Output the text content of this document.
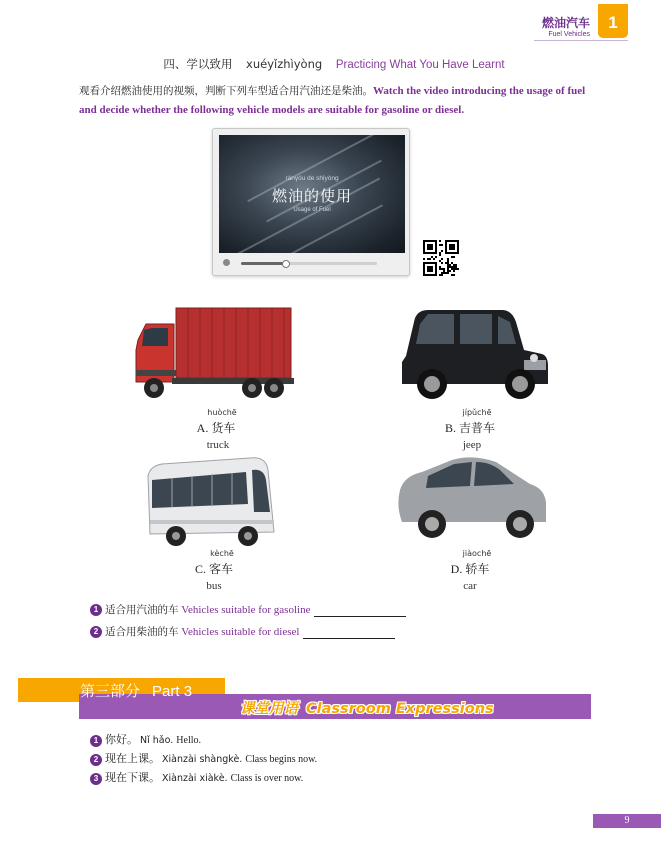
燃油汽车
Fuel Vehicles
1
四、学以致用 xuéyǐzhìyòng Practicing What You Have Learnt
观看介绍燃油使用的视频，判断下列车型适合用汽油还是柴油。Watch the video introducing the usage of fuel and decide whether the following vehicle models are suitable for gasoline or diesel.
ránγóu de shǐyòng
燃油的使用
Usage of Fuel
huòchē
A. 货车
truck
jípǔchē
B. 吉普车
jeep
kèchē
C. 客车
bus
jiàochē
D. 轿车
car
1 适合用汽油的车 Vehicles suitable for gasoline
2 适合用柴油的车 Vehicles suitable for diesel
第三部分 Part 3
课堂用语 Classroom Expressions
1 你好。 Nǐ hǎo. Hello.
2 现在上课。 Xiànzài shàngkè. Class begins now.
3 现在下课。 Xiànzài xiàkè. Class is over now.
9
